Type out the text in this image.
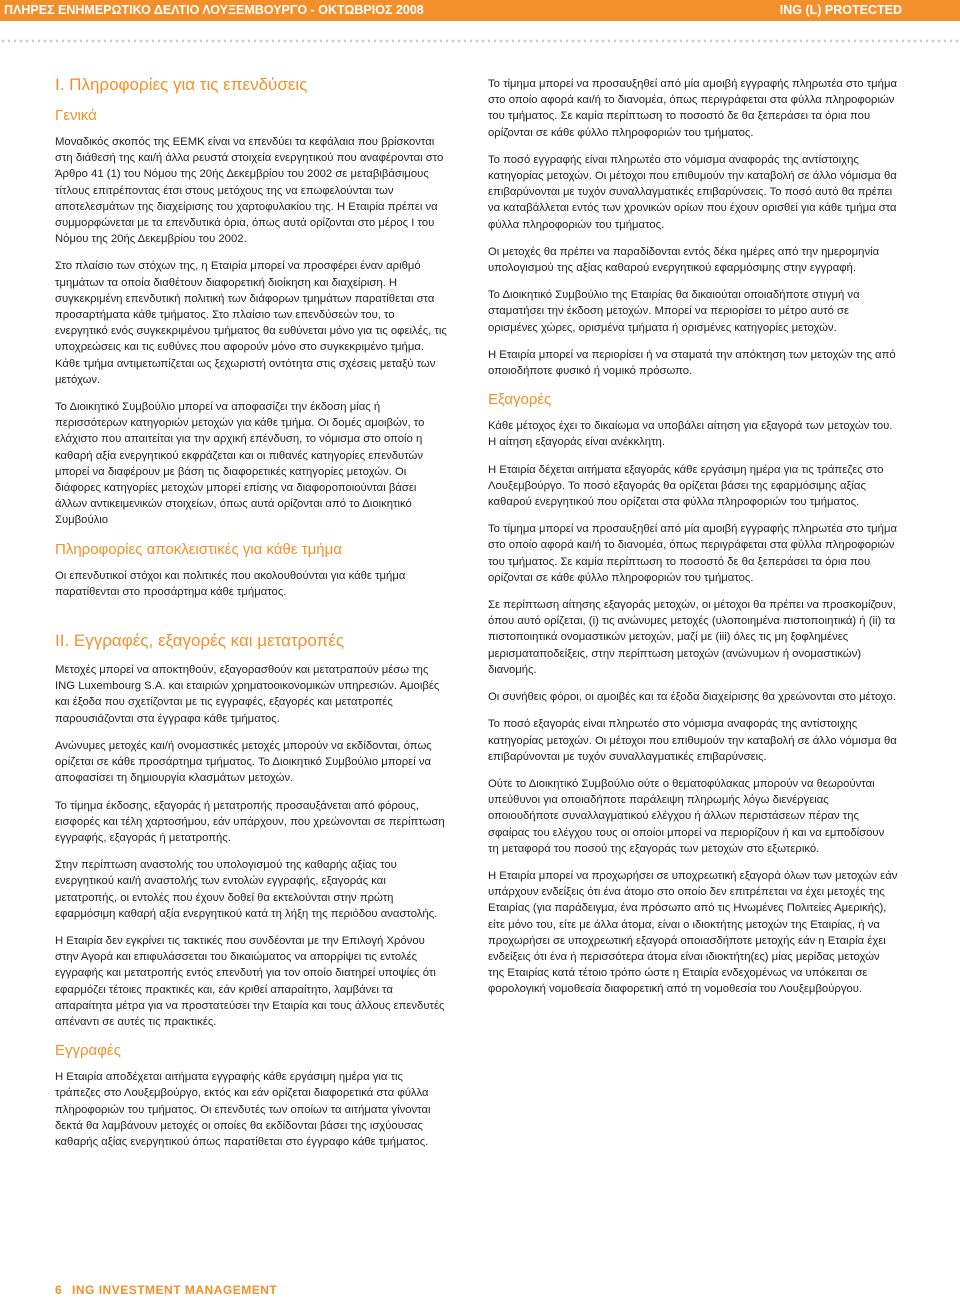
ΠΛΗΡΕΣ ΕΝΗΜΕΡΩΤΙΚΟ ΔΕΛΤΙΟ ΛΟΥΞΕΜΒΟΥΡΓΟ - ΟΚΤΩΒΡΙΟΣ 2008	ING (L) PROTECTED
I. Πληροφορίες για τις επενδύσεις
Γενικά

Μοναδικός σκοπός της ΕΕΜΚ είναι να επενδύει τα κεφάλαια που βρίσκονται στη διάθεσή της και/ή άλλα ρευστά στοιχεία ενεργητικού που αναφέρονται στο Άρθρο 41 (1) του Νόμου της 20ής Δεκεμβρίου του 2002 σε μεταβιβάσιμους τίτλους επιτρέποντας έτσι στους μετόχους της να επωφελούνται των αποτελεσμάτων της διαχείρισης του χαρτοφυλακίου της. Η Εταιρία πρέπει να συμμορφώνεται με τα επενδυτικά όρια, όπως αυτά ορίζονται στο μέρος I του Νόμου της 20ής Δεκεμβρίου του 2002.

Στο πλαίσιο των στόχων της, η Εταιρία μπορεί να προσφέρει έναν αριθμό τμημάτων τα οποία διαθέτουν διαφορετική διοίκηση και διαχείριση. Η συγκεκριμένη επενδυτική πολιτική των διάφορων τμημάτων παρατίθεται στα προσαρτήματα κάθε τμήματος. Στο πλαίσιο των επενδύσεών του, το ενεργητικό ενός συγκεκριμένου τμήματος θα ευθύνεται μόνο για τις οφειλές, τις υποχρεώσεις και τις ευθύνες που αφορούν μόνο στο συγκεκριμένο τμήμα. Κάθε τμήμα αντιμετωπίζεται ως ξεχωριστή οντότητα στις σχέσεις μεταξύ των μετόχων.

Το Διοικητικό Συμβούλιο μπορεί να αποφασίζει την έκδοση μίας ή περισσότερων κατηγοριών μετοχών για κάθε τμήμα. Οι δομές αμοιβών, το ελάχιστο που απαιτείται για την αρχική επένδυση, το νόμισμα στο οποίο η καθαρή αξία ενεργητικού εκφράζεται και οι πιθανές κατηγορίες επενδυτών μπορεί να διαφέρουν με βάση τις διαφορετικές κατηγορίες μετοχών. Οι διάφορες κατηγορίες μετοχών μπορεί επίσης να διαφοροποιούνται βάσει άλλων αντικειμενικών στοιχείων, όπως αυτά ορίζονται από το Διοικητικό Συμβούλιο

Πληροφορίες αποκλειστικές για κάθε τμήμα

Οι επενδυτικοί στόχοι και πολιτικές που ακολουθούνται για κάθε τμήμα παρατίθενται στο προσάρτημα κάθε τμήματος.

II. Εγγραφές, εξαγορές και μετατροπές

Μετοχές μπορεί να αποκτηθούν, εξαγορασθούν και μετατραπούν μέσω της ING Luxembourg S.A. και εταιριών χρηματοοικονομικών υπηρεσιών. Αμοιβές και έξοδα που σχετίζονται με τις εγγραφές, εξαγορές και μετατροπές παρουσιάζονται στα έγγραφα κάθε τμήματος.

Ανώνυμες μετοχές και/ή ονομαστικές μετοχές μπορούν να εκδίδονται, όπως ορίζεται σε κάθε προσάρτημα τμήματος. Το Διοικητικό Συμβούλιο μπορεί να αποφασίσει τη δημιουργία κλασμάτων μετοχών.

Το τίμημα έκδοσης, εξαγοράς ή μετατροπής προσαυξάνεται από φόρους, εισφορές και τέλη χαρτοσήμου, εάν υπάρχουν, που χρεώνονται σε περίπτωση εγγραφής, εξαγοράς ή μετατροπής.

Στην περίπτωση αναστολής του υπολογισμού της καθαρής αξίας του ενεργητικού και/ή αναστολής των εντολών εγγραφής, εξαγοράς και μετατροπής, οι εντολές που έχουν δοθεί θα εκτελούνται στην πρώτη εφαρμόσιμη καθαρή αξία ενεργητικού κατά τη λήξη της περιόδου αναστολής.

Η Εταιρία δεν εγκρίνει τις τακτικές που συνδέονται με την Επιλογή Χρόνου στην Αγορά και επιφυλάσσεται του δικαιώματος να απορρίψει τις εντολές εγγραφής και μετατροπής εντός επενδυτή για τον οποίο διατηρεί υποψίες ότι εφαρμόζει τέτοιες πρακτικές και, εάν κριθεί απαραίτητο, λαμβάνει τα απαραίτητα μέτρα για να προστατεύσει την Εταιρία και τους άλλους επενδυτές απέναντι σε αυτές τις πρακτικές.

Εγγραφές

Η Εταιρία αποδέχεται αιτήματα εγγραφής κάθε εργάσιμη ημέρα για τις τράπεζες στο Λουξεμβούργο, εκτός και εάν ορίζεται διαφορετικά στα φύλλα πληροφοριών του τμήματος. Οι επενδυτές των οποίων τα αιτήματα γίνονται δεκτά θα λαμβάνουν μετοχές οι οποίες θα εκδίδονται βάσει της ισχύουσας καθαρής αξίας ενεργητικού όπως παρατίθεται στο έγγραφο κάθε τμήματος.

Το τίμημα μπορεί να προσαυξηθεί από μία αμοιβή εγγραφής πληρωτέα στο τμήμα στο οποίο αφορά και/ή το διανομέα, όπως περιγράφεται στα φύλλα πληροφοριών του τμήματος. Σε καμία περίπτωση το ποσοστό δε θα ξεπεράσει τα όρια που ορίζονται σε κάθε φύλλο πληροφοριών του τμήματος.

Το ποσό εγγραφής είναι πληρωτέο στο νόμισμα αναφοράς της αντίστοιχης κατηγορίας μετοχών. Οι μέτοχοι που επιθυμούν την καταβολή σε άλλο νόμισμα θα επιβαρύνονται με τυχόν συναλλαγματικές επιβαρύνσεις. Το ποσό αυτό θα πρέπει να καταβάλλεται εντός των χρονικών ορίων που έχουν ορισθεί για κάθε τμήμα στα φύλλα πληροφοριών του τμήματος.

Οι μετοχές θα πρέπει να παραδίδονται εντός δέκα ημέρες από την ημερομηνία υπολογισμού της αξίας καθαρού ενεργητικού εφαρμόσιμης στην εγγραφή.

Το Διοικητικό Συμβούλιο της Εταιρίας θα δικαιούται οποιαδήποτε στιγμή να σταματήσει την έκδοση μετοχών. Μπορεί να περιορίσει το μέτρο αυτό σε ορισμένες χώρες, ορισμένα τμήματα ή ορισμένες κατηγορίες μετοχών.

Η Εταιρία μπορεί να περιορίσει ή να σταματά την απόκτηση των μετοχών της από οποιοδήποτε φυσικό ή νομικό πρόσωπο.

Εξαγορές

Κάθε μέτοχος έχει το δικαίωμα να υποβάλει αίτηση για εξαγορά των μετοχών του. Η αίτηση εξαγοράς είναι ανέκκλητη.

Η Εταιρία δέχεται αιτήματα εξαγοράς κάθε εργάσιμη ημέρα για τις τράπεζες στο Λουξεμβούργο. Το ποσό εξαγοράς θα ορίζεται βάσει της εφαρμόσιμης αξίας καθαρού ενεργητικού που ορίζεται στα φύλλα πληροφοριών του τμήματος.

Το τίμημα μπορεί να προσαυξηθεί από μία αμοιβή εγγραφής πληρωτέα στο τμήμα στο οποίο αφορά και/ή το διανομέα, όπως περιγράφεται στα φύλλα πληροφοριών του τμήματος. Σε καμία περίπτωση το ποσοστό δε θα ξεπεράσει τα όρια που ορίζονται σε κάθε φύλλο πληροφοριών του τμήματος.

Σε περίπτωση αίτησης εξαγοράς μετοχών, οι μέτοχοι θα πρέπει να προσκομίζουν, όπου αυτό ορίζεται, (i) τις ανώνυμες μετοχές (υλοποιημένα πιστοποιητικά) ή (ii) τα πιστοποιητικά ονομαστικών μετοχών, μαζί με (iii) όλες τις μη ξοφλημένες μερισματαποδείξεις, στην περίπτωση μετοχών (ανώνυμων ή ονομαστικών) διανομής.

Οι συνήθεις φόροι, οι αμοιβές και τα έξοδα διαχείρισης θα χρεώνονται στο μέτοχο.

Το ποσό εξαγοράς είναι πληρωτέο στο νόμισμα αναφοράς της αντίστοιχης κατηγορίας μετοχών. Οι μέτοχοι που επιθυμούν την καταβολή σε άλλο νόμισμα θα επιβαρύνονται με τυχόν συναλλαγματικές επιβαρύνσεις.

Ούτε το Διοικητικό Συμβούλιο ούτε ο θεματοφύλακας μπορούν να θεωρούνται υπεύθυνοι για οποιαδήποτε παράλειψη πληρωμής λόγω διενέργειας οποιουδήποτε συναλλαγματικού ελέγχου ή άλλων περιστάσεων πέραν της σφαίρας του ελέγχου τους οι οποίοι μπορεί να περιορίζουν ή και να εμποδίσουν τη μεταφορά του ποσού της εξαγοράς των μετοχών στο εξωτερικό.

Η Εταιρία μπορεί να προχωρήσει σε υποχρεωτική εξαγορά όλων των μετοχών εάν υπάρχουν ενδείξεις ότι ένα άτομο στο οποίο δεν επιτρέπεται να έχει μετοχές της Εταιρίας (για παράδειγμα, ένα πρόσωπο από τις Ηνωμένες Πολιτείες Αμερικής), είτε μόνο του, είτε με άλλα άτομα, είναι ο ιδιοκτήτης μετοχών της Εταιρίας, ή να προχωρήσει σε υποχρεωτική εξαγορά οποιασδήποτε μετοχής εάν η Εταιρία έχει ενδείξεις ότι ένα ή περισσότερα άτομα είναι ιδιοκτήτη(ες) μίας μερίδας μετοχών της Εταιρίας κατά τέτοιο τρόπο ώστε η Εταιρία ενδεχομένως να υπόκειται σε φορολογική νομοθεσία διαφορετική από τη νομοθεσία του Λουξεμβούργου.

6 ING INVESTMENT MANAGEMENT
